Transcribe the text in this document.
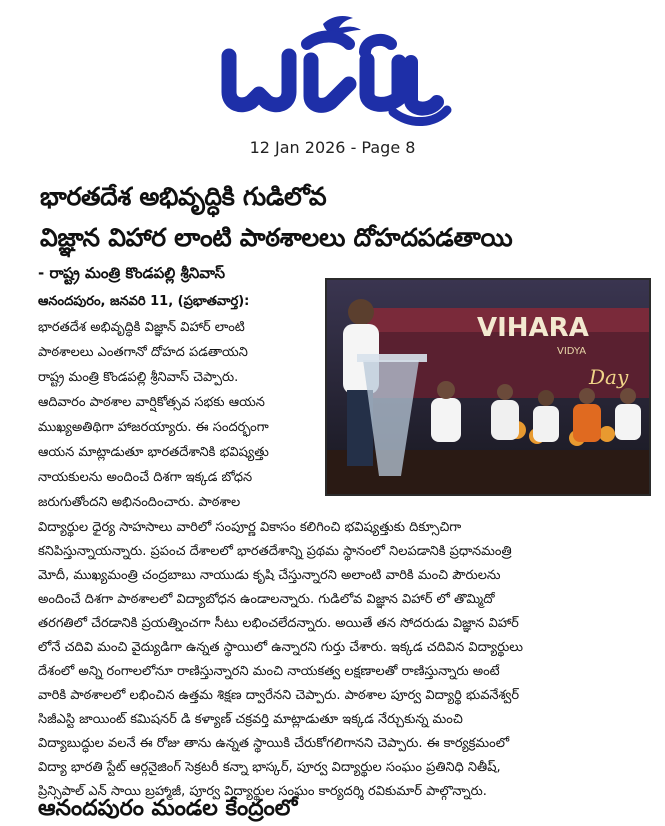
12 Jan 2026 - Page 8
భారతదేశ అభివృద్ధికి గుడిలోవ
విజ్ఞాన విహార లాంటి పాఠశాలలు దోహదపడతాయి
- రాష్ట్ర మంత్రి కొండపల్లి శ్రీనివాస్
VIHARA
VIDYA
Day
ఆనందపురం, జనవరి 11, (ప్రభాతవార్త):
భారతదేశ అభివృద్ధికి విజ్ఞాన్ విహార్ లాంటి
పాఠశాలలు ఎంతగానో దోహద పడతాయని
రాష్ట్ర మంత్రి కొండపల్లి శ్రీనివాస్ చెప్పారు.
ఆదివారం పాఠశాల వార్షికోత్సవ సభకు ఆయన
ముఖ్యఅతిథిగా హాజరయ్యారు. ఈ సందర్భంగా
ఆయన మాట్లాడుతూ భారతదేశానికి భవిష్యత్తు
నాయకులను అందించే దిశగా ఇక్కడ బోధన
జరుగుతోందని అభినందించారు. పాఠశాల
విద్యార్థుల ధైర్య సాహసాలు వారిలో సంపూర్ణ వికాసం కలిగించి భవిష్యత్తుకు దిక్సూచిగా
కనిపిస్తున్నాయన్నారు. ప్రపంచ దేశాలలో భారతదేశాన్ని ప్రథమ స్థానంలో నిలపడానికి ప్రధానమంత్రి
మోదీ, ముఖ్యమంత్రి చంద్రబాబు నాయుడు కృషి చేస్తున్నారని అలాంటి వారికి మంచి పౌరులను
అందించే దిశగా పాఠశాలలో విద్యాబోధన ఉండాలన్నారు. గుడిలోవ విజ్ఞాన విహార్ లో తొమ్మిదో
తరగతిలో చేరడానికి ప్రయత్నించగా సీటు లభించలేదన్నారు. అయితే తన సోదరుడు విజ్ఞాన విహార్
లోనే చదివి మంచి వైద్యుడిగా ఉన్నత స్థాయిలో ఉన్నారని గుర్తు చేశారు. ఇక్కడ చదివిన విద్యార్థులు
దేశంలో అన్ని రంగాలలోనూ రాణిస్తున్నారని మంచి నాయకత్వ లక్షణాలతో రాణిస్తున్నారు అంటే
వారికి పాఠశాలలో లభించిన ఉత్తమ శిక్షణ ద్వారేనని చెప్పారు. పాఠశాల పూర్వ విద్యార్థి భువనేశ్వర్
సిజీఎస్టి జాయింట్ కమిషనర్ డి కళ్యాణ్ చక్రవర్తి మాట్లాడుతూ ఇక్కడ నేర్చుకున్న మంచి
విద్యాబుద్ధుల వలనే ఈ రోజు తాను ఉన్నత స్థాయికి చేరుకోగలిగానని చెప్పారు. ఈ కార్యక్రమంలో
విద్యా భారతి స్టేట్ ఆర్గనైజింగ్ సెక్రటరీ కన్నా భాస్కర్, పూర్వ విద్యార్థుల సంఘం ప్రతినిధి నితీష్,
ప్రిన్సిపాల్ ఎన్ సాయి బ్రహ్మాజీ, పూర్వ విద్యార్థుల సంఘం కార్యదర్శి రవికుమార్ పాల్గొన్నారు.
ఆనందపురం మండల కేంద్రంలో
